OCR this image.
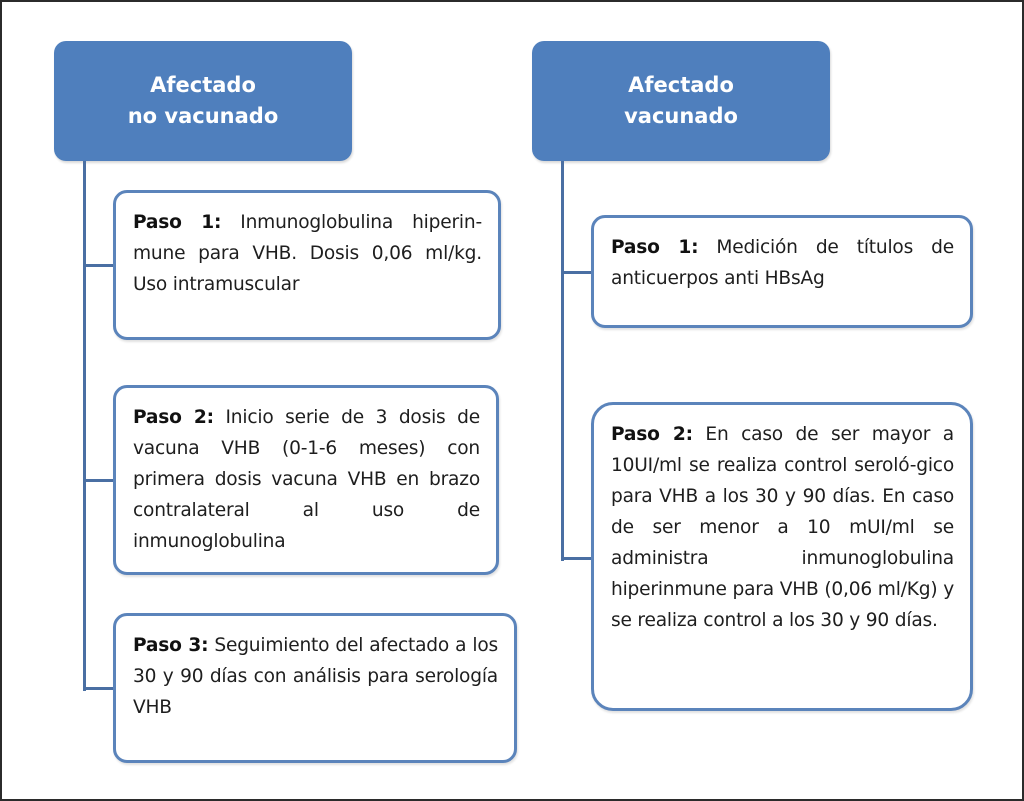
Afectado
no vacunado
Paso 1: Inmunoglobulina hiperin-mune para VHB. Dosis 0,06 ml/kg. Uso intramuscular
Paso 2: Inicio serie de 3 dosis de vacuna VHB (0-1-6 meses) con primera dosis vacuna VHB en brazo contralateral al uso de inmunoglobulina
Paso 3: Seguimiento del afectado a los 30 y 90 días con análisis para serología VHB
Afectado
vacunado
Paso 1: Medición de títulos de anticuerpos anti HBsAg
Paso 2: En caso de ser mayor a 10UI/ml se realiza control seroló-gico para VHB a los 30 y 90 días. En caso de ser menor a 10 mUI/ml se administra inmunoglobulina hiperinmune para VHB (0,06 ml/Kg) y se realiza control a los 30 y 90 días.
